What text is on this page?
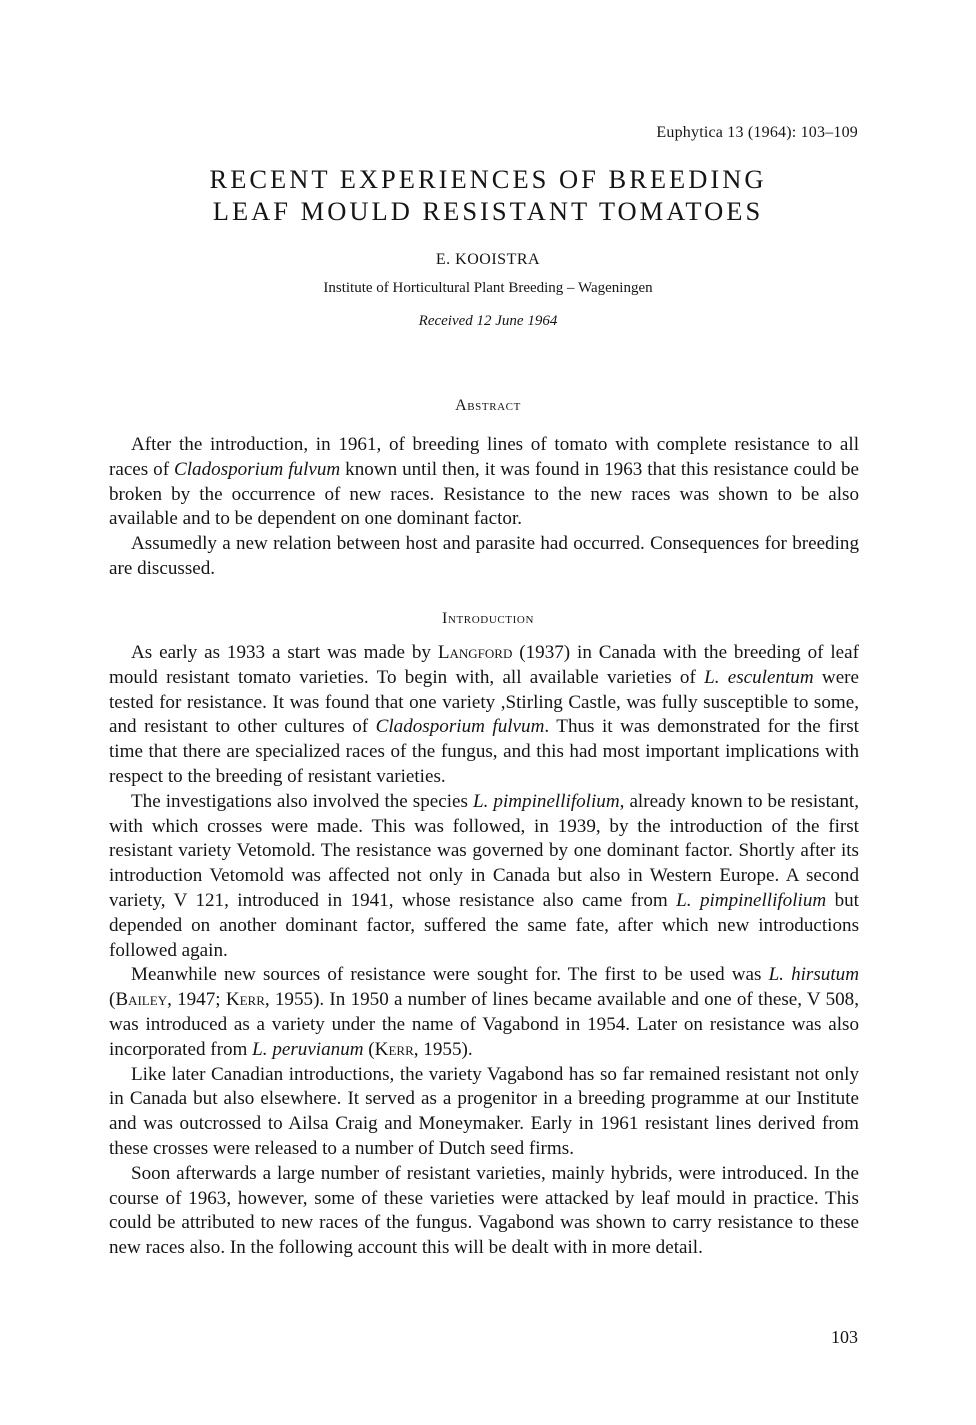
Euphytica 13 (1964): 103–109
RECENT EXPERIENCES OF BREEDING
LEAF MOULD RESISTANT TOMATOES
E. KOOISTRA
Institute of Horticultural Plant Breeding – Wageningen
Received 12 June 1964
Abstract

After the introduction, in 1961, of breeding lines of tomato with complete resistance to all races of Cladosporium fulvum known until then, it was found in 1963 that this resistance could be broken by the occurrence of new races. Resistance to the new races was shown to be also available and to be dependent on one dominant factor.

Assumedly a new relation between host and parasite had occurred. Consequences for breeding are discussed.

Introduction

As early as 1933 a start was made by Langford (1937) in Canada with the breeding of leaf mould resistant tomato varieties. To begin with, all available varieties of L. esculentum were tested for resistance. It was found that one variety ,Stirling Castle, was fully susceptible to some, and resistant to other cultures of Cladosporium fulvum. Thus it was demonstrated for the first time that there are specialized races of the fungus, and this had most important implications with respect to the breeding of resistant varieties.

The investigations also involved the species L. pimpinellifolium, already known to be resistant, with which crosses were made. This was followed, in 1939, by the introduction of the first resistant variety Vetomold. The resistance was governed by one dominant factor. Shortly after its introduction Vetomold was affected not only in Canada but also in Western Europe. A second variety, V 121, introduced in 1941, whose resistance also came from L. pimpinellifolium but depended on another dominant factor, suffered the same fate, after which new introductions followed again.

Meanwhile new sources of resistance were sought for. The first to be used was L. hirsutum (Bailey, 1947; Kerr, 1955). In 1950 a number of lines became available and one of these, V 508, was introduced as a variety under the name of Vagabond in 1954. Later on resistance was also incorporated from L. peruvianum (Kerr, 1955).

Like later Canadian introductions, the variety Vagabond has so far remained resistant not only in Canada but also elsewhere. It served as a progenitor in a breeding programme at our Institute and was outcrossed to Ailsa Craig and Moneymaker. Early in 1961 resistant lines derived from these crosses were released to a number of Dutch seed firms.

Soon afterwards a large number of resistant varieties, mainly hybrids, were introduced. In the course of 1963, however, some of these varieties were attacked by leaf mould in practice. This could be attributed to new races of the fungus. Vagabond was shown to carry resistance to these new races also. In the following account this will be dealt with in more detail.

103
